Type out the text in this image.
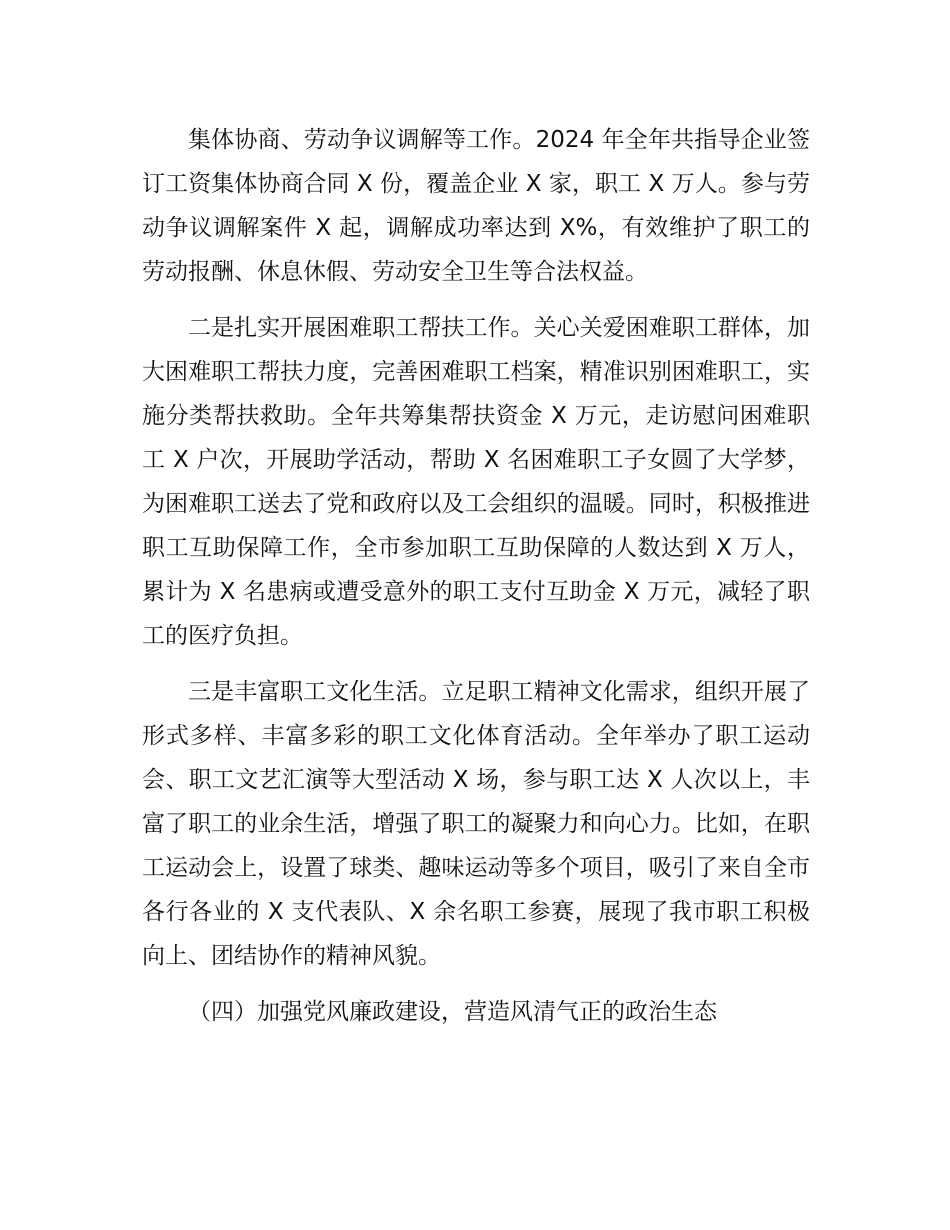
集体协商、劳动争议调解等工作。2024 年全年共指导企业签订工资集体协商合同 X 份，覆盖企业 X 家，职工 X 万人。参与劳动争议调解案件 X 起，调解成功率达到 X%，有效维护了职工的劳动报酬、休息休假、劳动安全卫生等合法权益。

二是扎实开展困难职工帮扶工作。关心关爱困难职工群体，加大困难职工帮扶力度，完善困难职工档案，精准识别困难职工，实施分类帮扶救助。全年共筹集帮扶资金 X 万元，走访慰问困难职工 X 户次，开展助学活动，帮助 X 名困难职工子女圆了大学梦，为困难职工送去了党和政府以及工会组织的温暖。同时，积极推进职工互助保障工作，全市参加职工互助保障的人数达到 X 万人，累计为 X 名患病或遭受意外的职工支付互助金 X 万元，减轻了职工的医疗负担。

三是丰富职工文化生活。立足职工精神文化需求，组织开展了形式多样、丰富多彩的职工文化体育活动。全年举办了职工运动会、职工文艺汇演等大型活动 X 场，参与职工达 X 人次以上，丰富了职工的业余生活，增强了职工的凝聚力和向心力。比如，在职工运动会上，设置了球类、趣味运动等多个项目，吸引了来自全市各行各业的 X 支代表队、X 余名职工参赛，展现了我市职工积极向上、团结协作的精神风貌。

（四）加强党风廉政建设，营造风清气正的政治生态
